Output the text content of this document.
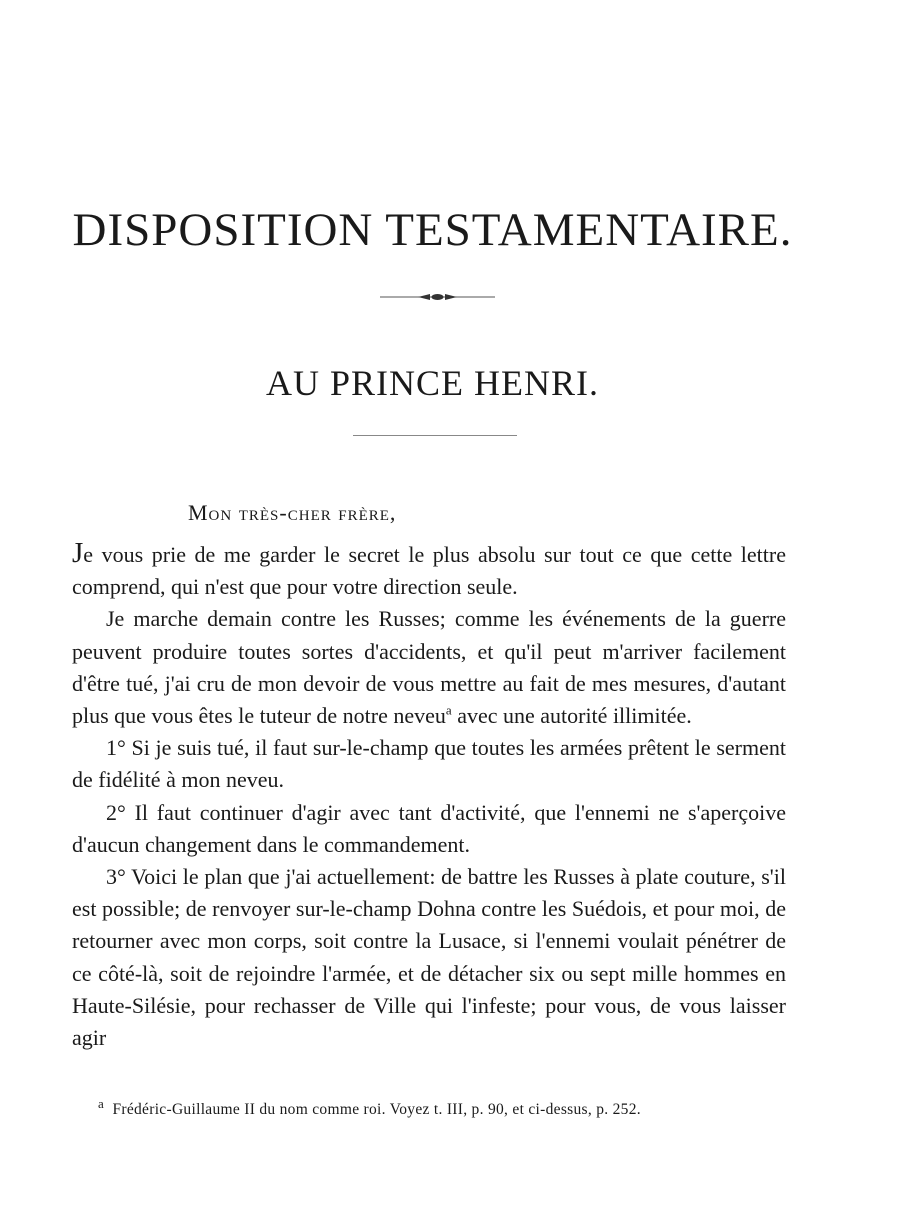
DISPOSITION TESTAMENTAIRE.
AU PRINCE HENRI.
Mon très-cher frère,

Je vous prie de me garder le secret le plus absolu sur tout ce que cette lettre comprend, qui n'est que pour votre direction seule.

Je marche demain contre les Russes; comme les événements de la guerre peuvent produire toutes sortes d'accidents, et qu'il peut m'arriver facilement d'être tué, j'ai cru de mon devoir de vous mettre au fait de mes mesures, d'autant plus que vous êtes le tuteur de notre neveu$^a$ avec une autorité illimitée.

1° Si je suis tué, il faut sur-le-champ que toutes les armées prêtent le serment de fidélité à mon neveu.

2° Il faut continuer d'agir avec tant d'activité, que l'ennemi ne s'aperçoive d'aucun changement dans le commandement.

3° Voici le plan que j'ai actuellement: de battre les Russes à plate couture, s'il est possible; de renvoyer sur-le-champ Dohna contre les Suédois, et pour moi, de retourner avec mon corps, soit contre la Lusace, si l'ennemi voulait pénétrer de ce côté-là, soit de rejoindre l'armée, et de détacher six ou sept mille hommes en Haute-Silésie, pour rechasser de Ville qui l'infeste; pour vous, de vous laisser agir

$^a$ Frédéric-Guillaume II du nom comme roi. Voyez t. III, p. 90, et ci-dessus, p. 252.
